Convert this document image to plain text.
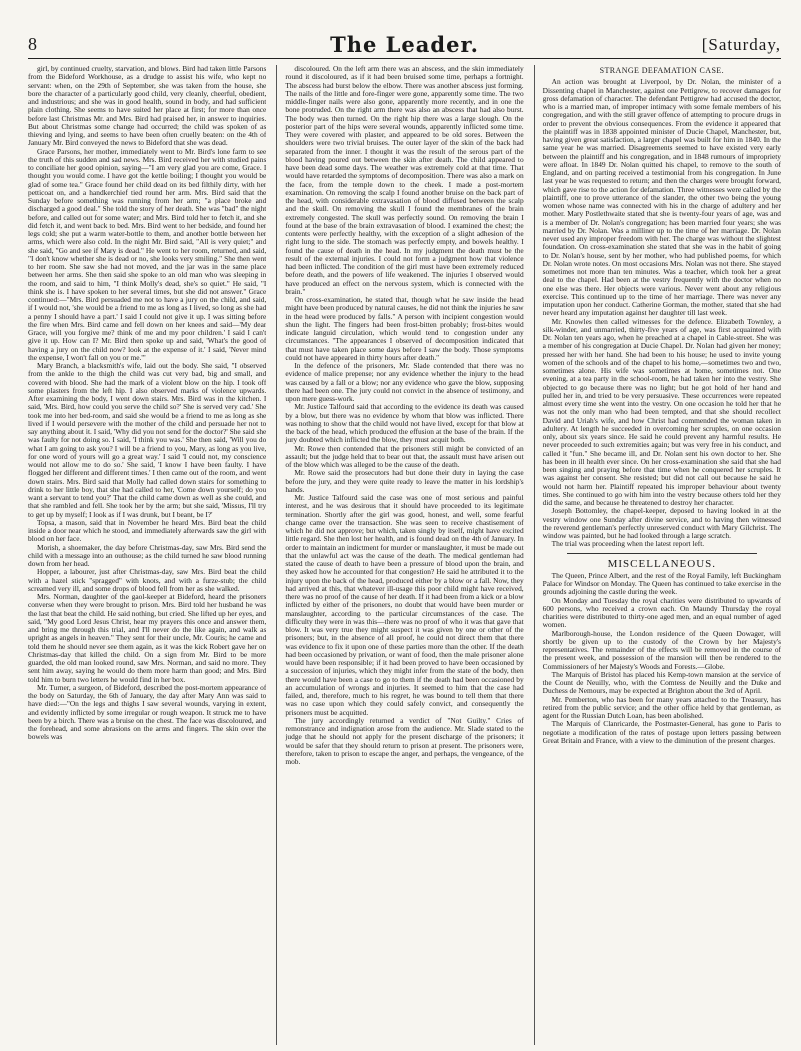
8	The Leader.	[Saturday,

girl, by continued cruelty, starvation, and blows. Bird had taken little Parsons from the Bideford Workhouse, as a drudge to assist his wife, who kept no servant: when, on the 29th of September, she was taken from the house, she bore the character of a particularly good child, very cleanly, cheerful, obedient, and industrious; and she was in good health, sound in body, and had sufficient plain clothing. She seems to have suited her place at first; for more than once before last Christmas Mr. and Mrs. Bird had praised her, in answer to inquiries. But about Christmas some change had occurred; the child was spoken of as thieving and lying, and seems to have been often cruelly beaten: on the 4th of January Mr. Bird conveyed the news to Bideford that she was dead.

Grace Parsons, her mother, immediately went to Mr. Bird's lone farm to see the truth of this sudden and sad news. Mrs. Bird received her with studied pains to conciliate her good opinion, saying—"I am very glad you are come, Grace. I thought you would come. I have got the kettle boiling; I thought you would be glad of some tea." Grace found her child dead on its bed filthily dirty, with her petticoat on, and a handkerchief tied round her arm. Mrs. Bird said that the Sunday before something was running from her arm; "a place broke and discharged a good deal." She told the story of her death. She was "bad" the night before, and called out for some water; and Mrs. Bird told her to fetch it, and she did fetch it, and went back to bed. Mrs. Bird went to her bedside, and found her legs cold; she put a warm water-bottle to them, and another bottle between her arms, which were also cold. In the night Mr. Bird said, "All is very quiet;" and she said, "Go and see if Mary is dead." He went to her room, returned, and said, "I don't know whether she is dead or no, she looks very smiling." She then went to her room. She saw she had not moved, and the jar was in the same place between her arms. She then said she spoke to an old man who was sleeping in the room, and said to him, "I think Molly's dead, she's so quiet." He said, "I think she is. I have spoken to her several times, but she did not answer." Grace continued:—"Mrs. Bird persuaded me not to have a jury on the child, and said, if I would not, 'she would be a friend to me as long as I lived, so long as she had a penny I should have a part.' I said I could not give it up. I was sitting before the fire when Mrs. Bird came and fell down on her knees and said—'My dear Grace, will you forgive me? think of me and my poor children.' I said I can't give it up. How can I? Mr. Bird then spoke up and said, 'What's the good of having a jury on the child now? look at the expense of it.' I said, 'Never mind the expense, I won't fall on you or me.'"

Mary Branch, a blacksmith's wife, laid out the body. She said, "I observed from the ankle to the thigh the child was cut very bad, big and small, and covered with blood. She had the mark of a violent blow on the hip. I took off some plasters from the left hip. I also observed marks of violence upwards. After examining the body, I went down stairs. Mrs. Bird was in the kitchen. I said, 'Mrs. Bird, how could you serve the child so?' She is served very cad.' She took me into her bed-room, and said she would be a friend to me as long as she lived if I would persevere with the mother of the child and persuade her not to say anything about it. I said, 'Why did you not send for the doctor?' She said she was faulty for not doing so. I said, 'I think you was.' She then said, 'Will you do what I am going to ask you? I will be a friend to you, Mary, as long as you live, for one word of yours will go a great way.' I said 'I could not, my conscience would not allow me to do so.' She said, 'I know I have been faulty. I have flogged her different and different times.' I then came out of the room, and went down stairs. Mrs. Bird said that Molly had called down stairs for something to drink to her little boy, that she had called to her, 'Come down yourself; do you want a servant to tend you?' That the child came down as well as she could, and that she rambled and fell. She took her by the arm; but she said, 'Missus, I'll try to get up by myself; I look as if I was drunk, but I beant, be I?'

Topsa, a mason, said that in November he heard Mrs. Bird beat the child inside a door near which he stood, and immediately afterwards saw the girl with blood on her face.

Morish, a shoemaker, the day before Christmas-day, saw Mrs. Bird send the child with a message into an outhouse; as the child turned he saw blood running down from her head.

Hopper, a labourer, just after Christmas-day, saw Mrs. Bird beat the child with a hazel stick "spragged" with knots, and with a furze-stub; the child screamed very ill, and some drops of blood fell from her as she walked.

Mrs. Norman, daughter of the gaol-keeper at Bideford, heard the prisoners converse when they were brought to prison. Mrs. Bird told her husband he was the last that beat the child. He said nothing, but cried. She lifted up her eyes, and said, "My good Lord Jesus Christ, hear my prayers this once and answer them, and bring me through this trial, and I'll never do the like again, and walk as upright as angels in heaven." They sent for their uncle, Mr. Couris; he came and told them he should never see them again, as it was the kick Robert gave her on Christmas-day that killed the child. On a sign from Mr. Bird to be more guarded, the old man looked round, saw Mrs. Norman, and said no more. They sent him away, saying he would do them more harm than good; and Mrs. Bird told him to burn two letters he would find in her box.

Mr. Turner, a surgeon, of Bideford, described the post-mortem appearance of the body on Saturday, the 6th of January, the day after Mary Ann was said to have died:—"On the legs and thighs I saw several wounds, varying in extent, and evidently inflicted by some irregular or rough weapon. It struck me to have been by a birch. There was a bruise on the chest. The face was discoloured, and the forehead, and some abrasions on the arms and fingers. The skin over the bowels was

discoloured. On the left arm there was an abscess, and the skin immediately round it discoloured, as if it had been bruised some time, perhaps a fortnight. The abscess had burst below the elbow. There was another abscess just forming. The nails of the little and fore-finger were gone, apparently some time. The two middle-finger nails were also gone, apparently more recently, and in one the bone protruded. On the right arm there was also an abscess that had also burst. The body was then turned. On the right hip there was a large slough. On the posterior part of the hips were several wounds, apparently inflicted some time. They were covered with plaster, and appeared to be old sores. Between the shoulders were two trivial bruises. The outer layer of the skin of the back had separated from the inner. I thought it was the result of the serous part of the blood having poured out between the skin after death. The child appeared to have been dead some days. The weather was extremely cold at that time. That would have retarded the symptoms of decomposition. There was also a mark on the face, from the temple down to the cheek. I made a post-mortem examination. On removing the scalp I found another bruise on the back part of the head, with considerable extravasation of blood diffused between the scalp and the skull. On removing the skull I found the membranes of the brain extremely congested. The skull was perfectly sound. On removing the brain I found at the base of the brain extravasation of blood. I examined the chest; the contents were perfectly healthy, with the exception of a slight adhesion of the right lung to the side. The stomach was perfectly empty, and bowels healthy. I found the cause of death in the head. In my judgment the death must be the result of the external injuries. I could not form a judgment how that violence had been inflicted. The condition of the girl must have been extremely reduced before death, and the powers of life weakened. The injuries I observed would have produced an effect on the nervous system, which is connected with the brain."

On cross-examination, he stated that, though what he saw inside the head might have been produced by natural causes, he did not think the injuries he saw in the head were produced by falls." A person with incipient congestion would shun the light. The fingers had been frost-bitten probably; frost-bites would indicate languid circulation, which would tend to congestion under any circumstances. "The appearances I observed of decomposition indicated that that must have taken place some days before I saw the body. Those symptoms could not have appeared in thirty hours after death."

In the defence of the prisoners, Mr. Slade contended that there was no evidence of malice prepense; nor any evidence whether the injury to the head was caused by a fall or a blow; nor any evidence who gave the blow, supposing there had been one. The jury could not convict in the absence of testimony, and upon mere guess-work.

Mr. Justice Talfourd said that according to the evidence its death was caused by a blow, but there was no evidence by whom that blow was inflicted. There was nothing to show that the child would not have lived, except for that blow at the back of the head, which produced the effusion at the base of the brain. If the jury doubted which inflicted the blow, they must acquit both.

Mr. Rowe then contended that the prisoners still might be convicted of an assault; but the judge held that to bear out that, the assault must have arisen out of the blow which was alleged to be the cause of the death.

Mr. Rowe said the prosecutors had but done their duty in laying the case before the jury, and they were quite ready to leave the matter in his lordship's hands.

Mr. Justice Talfourd said the case was one of most serious and painful interest, and he was desirous that it should have proceeded to its legitimate termination. Shortly after the girl was good, honest, and well, some fearful change came over the transaction. She was seen to receive chastisement of which he did not approve; but which, taken singly by itself, might have excited little regard. She then lost her health, and is found dead on the 4th of January. In order to maintain an indictment for murder or manslaughter, it must be made out that the unlawful act was the cause of the death. The medical gentleman had stated the cause of death to have been a pressure of blood upon the brain, and they asked how he accounted for that congestion? He said he attributed it to the injury upon the back of the head, produced either by a blow or a fall. Now, they had arrived at this, that whatever ill-usage this poor child might have received, there was no proof of the cause of her death. If it had been from a kick or a blow inflicted by either of the prisoners, no doubt that would have been murder or manslaughter, according to the particular circumstances of the case. The difficulty they were in was this—there was no proof of who it was that gave that blow. It was very true they might suspect it was given by one or other of the prisoners; but, in the absence of all proof, he could not direct them that there was evidence to fix it upon one of these parties more than the other. If the death had been occasioned by privation, or want of food, then the male prisoner alone would have been responsible; if it had been proved to have been occasioned by a succession of injuries, which they might infer from the state of the body, then there would have been a case to go to them if the death had been occasioned by an accumulation of wrongs and injuries. It seemed to him that the case had failed, and, therefore, much to his regret, he was bound to tell them that there was no case upon which they could safely convict, and consequently the prisoners must be acquitted.

The jury accordingly returned a verdict of "Not Guilty." Cries of remonstrance and indignation arose from the audience. Mr. Slade stated to the judge that he should not apply for the present discharge of the prisoners; it would be safer that they should return to prison at present. The prisoners were, therefore, taken to prison to escape the anger, and perhaps, the vengeance, of the mob.

STRANGE DEFAMATION CASE.

An action was brought at Liverpool, by Dr. Nolan, the minister of a Dissenting chapel in Manchester, against one Pettigrew, to recover damages for gross defamation of character. The defendant Pettigrew had accused the doctor, who is a married man, of improper intimacy with some female members of his congregation, and with the still graver offence of attempting to procure drugs in order to prevent the obvious consequences. From the evidence it appeared that the plaintiff was in 1838 appointed minister of Ducie Chapel, Manchester, but, having given great satisfaction, a larger chapel was built for him in 1840. In the same year he was married. Disagreements seemed to have existed very early between the plaintiff and his congregation, and in 1848 rumours of impropriety were afloat. In 1849 Dr. Nolan quitted his chapel, to remove to the south of England, and on parting received a testimonial from his congregation. In June last year he was requested to return; and then the charges were brought forward, which gave rise to the action for defamation. Three witnesses were called by the plaintiff, one to prove utterance of the slander, the other two being the young women whose name was connected with his in the charge of adultery and her mother. Mary Postlethwaite stated that she is twenty-four years of age, was and is a member of Dr. Nolan's congregation; has been married four years; she was married by Dr. Nolan. Was a milliner up to the time of her marriage. Dr. Nolan never used any improper freedom with her. The charge was without the slightest foundation. On cross-examination she stated that she was in the habit of going to Dr. Nolan's house, sent by her mother, who had published poems, for which Dr. Nolan wrote notes. On most occasions Mrs. Nolan was not there. She stayed sometimes not more than ten minutes. Was a teacher, which took her a great deal to the chapel. Had been at the vestry frequently with the doctor when no one else was there. Her objects were various. Never went about any religious exercise. This continued up to the time of her marriage. There was never any imputation upon her conduct. Catherine Gorman, the mother, stated that she had never heard any imputation against her daughter till last week.

Mr. Knowles then called witnesses for the defence. Elizabeth Townley, a silk-winder, and unmarried, thirty-five years of age, was first acquainted with Dr. Nolan ten years ago, when he preached at a chapel in Cable-street. She was a member of his congregation at Ducie Chapel. Dr. Nolan had given her money; pressed her with her hand. She had been to his house; he used to invite young women of the schools and of the chapel to his home,—sometimes two and two, sometimes alone. His wife was sometimes at home, sometimes not. One evening, at a tea party in the school-room, he had taken her into the vestry. She objected to go because there was no light; but he got hold of her hand and pulled her in, and tried to be very persuasive. These occurrences were repeated almost every time she went into the vestry. On one occasion he told her that he was not the only man who had been tempted, and that she should recollect David and Uriah's wife, and how Christ had commended the woman taken in adultery. At length he succeeded in overcoming her scruples, on one occasion only, about six years since. He said he could prevent any harmful results. He never proceeded to such extremities again; but was very free in his conduct, and called it "fun." She became ill, and Dr. Nolan sent his own doctor to her. She has been in ill health ever since. On her cross-examination she said that she had been singing and praying before that time when he conquered her scruples. It was against her consent. She resisted; but did not call out because he said he would not harm her. Plaintiff repeated his improper behaviour about twenty times. She continued to go with him into the vestry because others told her they did the same, and because he threatened to destroy her character.

Joseph Bottomley, the chapel-keeper, deposed to having looked in at the vestry window one Sunday after divine service, and to having then witnessed the reverend gentleman's perfectly unreserved conduct with Mary Gilchrist. The window was painted, but he had looked through a large scratch.

The trial was proceeding when the latest report left.

MISCELLANEOUS.

The Queen, Prince Albert, and the rest of the Royal Family, left Buckingham Palace for Windsor on Monday. The Queen has continued to take exercise in the grounds adjoining the castle during the week.

On Monday and Tuesday the royal charities were distributed to upwards of 600 persons, who received a crown each. On Maundy Thursday the royal charities were distributed to thirty-one aged men, and an equal number of aged women.

Marlborough-house, the London residence of the Queen Dowager, will shortly be given up to the custody of the Crown by her Majesty's representatives. The remainder of the effects will be removed in the course of the present week, and possession of the mansion will then be rendered to the Commissioners of her Majesty's Woods and Forests.—Globe.

The Marquis of Bristol has placed his Kemp-town mansion at the service of the Count de Neuilly, who, with the Comtess de Neuilly and the Duke and Duchess de Nemours, may be expected at Brighton about the 3rd of April.

Mr. Pemberton, who has been for many years attached to the Treasury, has retired from the public service; and the other office held by that gentleman, as agent for the Russian Dutch Loan, has been abolished.

The Marquis of Clanricarde, the Postmaster-General, has gone to Paris to negotiate a modification of the rates of postage upon letters passing between Great Britain and France, with a view to the diminution of the present charges.
